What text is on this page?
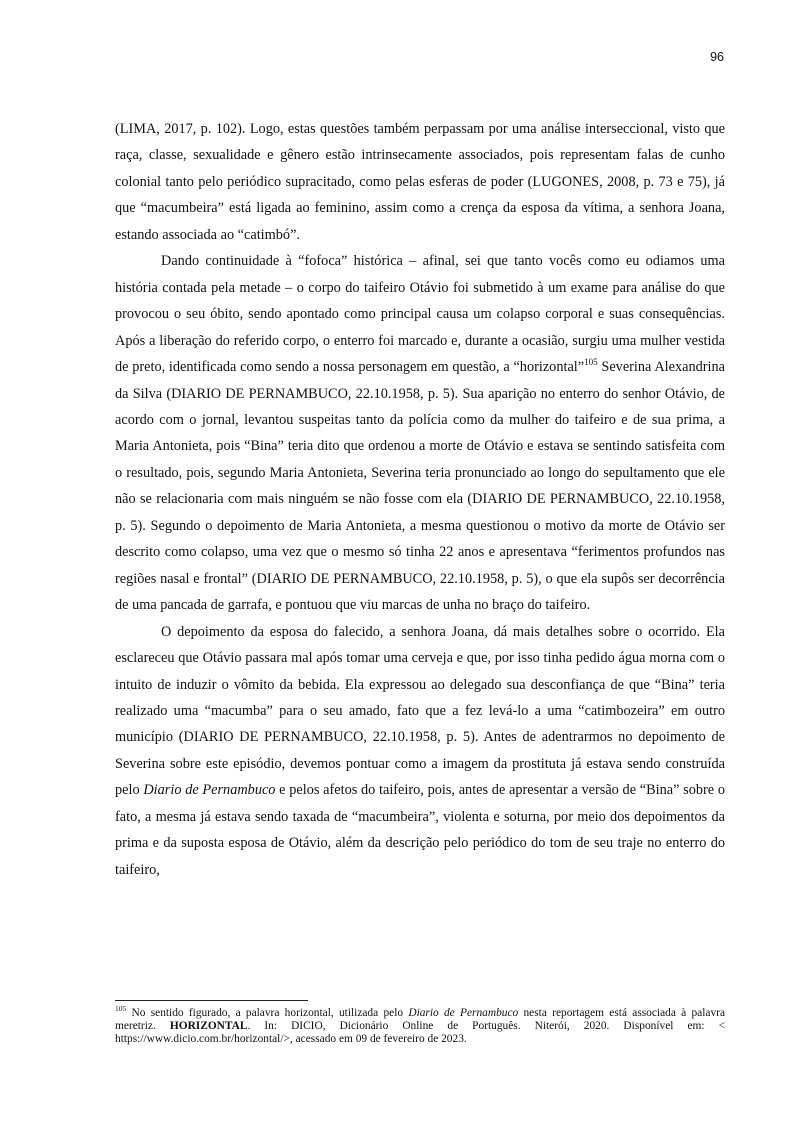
96

(LIMA, 2017, p. 102). Logo, estas questões também perpassam por uma análise interseccional, visto que raça, classe, sexualidade e gênero estão intrinsecamente associados, pois representam falas de cunho colonial tanto pelo periódico supracitado, como pelas esferas de poder (LUGONES, 2008, p. 73 e 75), já que “macumbeira” está ligada ao feminino, assim como a crença da esposa da vítima, a senhora Joana, estando associada ao “catimbó”.

Dando continuidade à “fofoca” histórica – afinal, sei que tanto vocês como eu odiamos uma história contada pela metade – o corpo do taifeiro Otávio foi submetido à um exame para análise do que provocou o seu óbito, sendo apontado como principal causa um colapso corporal e suas consequências. Após a liberação do referido corpo, o enterro foi marcado e, durante a ocasião, surgiu uma mulher vestida de preto, identificada como sendo a nossa personagem em questão, a “horizontal”$^{105}$ Severina Alexandrina da Silva (DIARIO DE PERNAMBUCO, 22.10.1958, p. 5). Sua aparição no enterro do senhor Otávio, de acordo com o jornal, levantou suspeitas tanto da polícia como da mulher do taifeiro e de sua prima, a Maria Antonieta, pois “Bina” teria dito que ordenou a morte de Otávio e estava se sentindo satisfeita com o resultado, pois, segundo Maria Antonieta, Severina teria pronunciado ao longo do sepultamento que ele não se relacionaria com mais ninguém se não fosse com ela (DIARIO DE PERNAMBUCO, 22.10.1958, p. 5). Segundo o depoimento de Maria Antonieta, a mesma questionou o motivo da morte de Otávio ser descrito como colapso, uma vez que o mesmo só tinha 22 anos e apresentava “ferimentos profundos nas regiões nasal e frontal” (DIARIO DE PERNAMBUCO, 22.10.1958, p. 5), o que ela supôs ser decorrência de uma pancada de garrafa, e pontuou que viu marcas de unha no braço do taifeiro.

O depoimento da esposa do falecido, a senhora Joana, dá mais detalhes sobre o ocorrido. Ela esclareceu que Otávio passara mal após tomar uma cerveja e que, por isso tinha pedido água morna com o intuito de induzir o vômito da bebida. Ela expressou ao delegado sua desconfiança de que “Bina” teria realizado uma “macumba” para o seu amado, fato que a fez levá-lo a uma “catimbozeira” em outro município (DIARIO DE PERNAMBUCO, 22.10.1958, p. 5). Antes de adentrarmos no depoimento de Severina sobre este episódio, devemos pontuar como a imagem da prostituta já estava sendo construída pelo Diario de Pernambuco e pelos afetos do taifeiro, pois, antes de apresentar a versão de “Bina” sobre o fato, a mesma já estava sendo taxada de “macumbeira”, violenta e soturna, por meio dos depoimentos da prima e da suposta esposa de Otávio, além da descrição pelo periódico do tom de seu traje no enterro do taifeiro,

$^{105}$ No sentido figurado, a palavra horizontal, utilizada pelo Diario de Pernambuco nesta reportagem está associada à palavra meretriz. HORIZONTAL. In: DICIO, Dicionário Online de Português. Niterói, 2020. Disponível em: < https://www.dicio.com.br/horizontal/>, acessado em 09 de fevereiro de 2023.
